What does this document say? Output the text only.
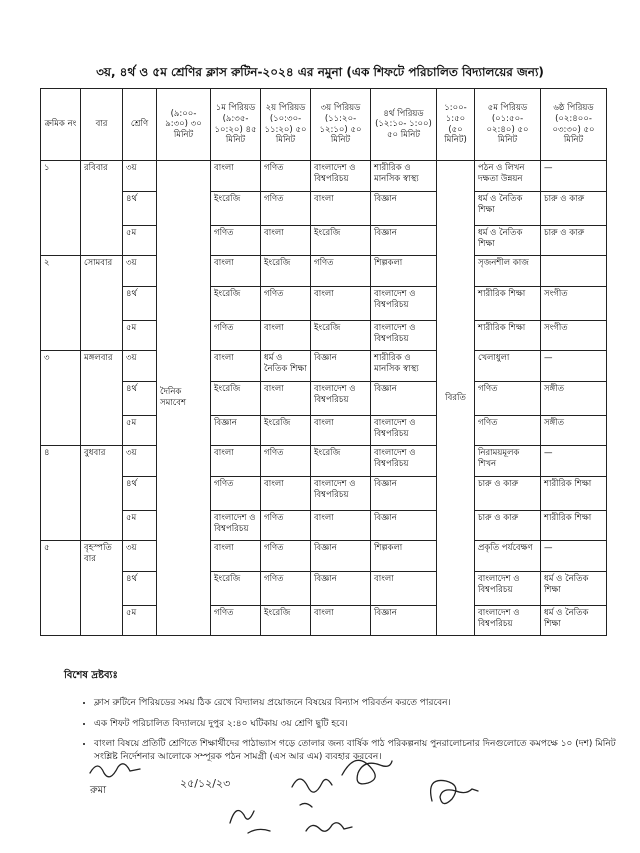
৩য়, ৪র্থ ও ৫ম শ্রেণির ক্লাস রুটিন-২০২৪ এর নমুনা (এক শিফটে পরিচালিত বিদ্যালয়ের জন্য)
ক্রমিক নং	বার	শ্রেণি	(৯:০০- ৯:৩০) ৩০ মিনিট	১ম পিরিয়ড (৯:৩৫- ১০:২০) ৪৫ মিনিট	২য় পিরিয়ড (১০:৩০- ১১:২০) ৫০ মিনিট	৩য় পিরিয়ড (১১:২০- ১২:১০) ৫০ মিনিট	৪র্থ পিরিয়ড (১২:১০- ১:০০) ৫০ মিনিট	১:০০- ১:৫০ (৫০ মিনিট)	৫ম পিরিয়ড (০১:৫০- ০২:৪০) ৫০ মিনিট	৬ষ্ঠ পিরিয়ড (০২:৪০০- ০৩:৩০) ৫০ মিনিট
১	রবিবার	৩য়	দৈনিক সমাবেশ	বাংলা	গণিত	বাংলাদেশ ও বিশ্বপরিচয়	শারীরিক ও মানসিক স্বাস্থ্য	বিরতি	পঠন ও লিখন দক্ষতা উন্নয়ন	—
		৪র্থ		ইংরেজি	গণিত	বাংলা	বিজ্ঞান		ধর্ম ও নৈতিক শিক্ষা	চারু ও কারু
		৫ম		গণিত	বাংলা	ইংরেজি	বিজ্ঞান		ধর্ম ও নৈতিক শিক্ষা	চারু ও কারু
২	সোমবার	৩য়		বাংলা	ইংরেজি	গণিত	শিল্পকলা		সৃজনশীল কাজ	
		৪র্থ		ইংরেজি	গণিত	বাংলা	বাংলাদেশ ও বিশ্বপরিচয়		শারীরিক শিক্ষা	সংগীত
		৫ম		গণিত	বাংলা	ইংরেজি	বাংলাদেশ ও বিশ্বপরিচয়		শারীরিক শিক্ষা	সংগীত
৩	মঙ্গলবার	৩য়		বাংলা	ধর্ম ও নৈতিক শিক্ষা	বিজ্ঞান	শারীরিক ও মানসিক স্বাস্থ্য		খেলাধুলা	—
		৪র্থ		ইংরেজি	বাংলা	বাংলাদেশ ও বিশ্বপরিচয়	বিজ্ঞান		গণিত	সঙ্গীত
		৫ম		বিজ্ঞান	ইংরেজি	বাংলা	বাংলাদেশ ও বিশ্বপরিচয়		গণিত	সঙ্গীত
৪	বুধবার	৩য়		বাংলা	গণিত	ইংরেজি	বাংলাদেশ ও বিশ্বপরিচয়		নিরাময়মূলক শিখন	—
		৪র্থ		গণিত	বাংলা	বাংলাদেশ ও বিশ্বপরিচয়	বিজ্ঞান		চারু ও কারু	শারীরিক শিক্ষা
		৫ম		বাংলাদেশ ও বিশ্বপরিচয়	গণিত	বাংলা	বিজ্ঞান		চারু ও কারু	শারীরিক শিক্ষা
৫	বৃহস্পতি বার	৩য়		বাংলা	গণিত	বিজ্ঞান	শিল্পকলা		প্রকৃতি পর্যবেক্ষণ	—
		৪র্থ		ইংরেজি	গণিত	বিজ্ঞান	বাংলা		বাংলাদেশ ও বিশ্বপরিচয়	ধর্ম ও নৈতিক শিক্ষা
		৫ম		গণিত	ইংরেজি	বাংলা	বিজ্ঞান		বাংলাদেশ ও বিশ্বপরিচয়	ধর্ম ও নৈতিক শিক্ষা
বিশেষ দ্রষ্টব্যঃ
• ক্লাস রুটিনে পিরিয়ডের সময় ঠিক রেখে বিদ্যালয় প্রয়োজনে বিষয়ের বিন্যাস পরিবর্তন করতে পারবেন।
• এক শিফট পরিচালিত বিদ্যালয়ে দুপুর ২:৪০ ঘটিকায় ৩য় শ্রেণি ছুটি হবে।
• বাংলা বিষয়ে প্রতিটি শ্রেণিতে শিক্ষার্থীদের পাঠাভ্যাস গড়ে তোলার জন্য বার্ষিক পাঠ পরিকল্পনায় পুনরালোচনার দিনগুলোতে কমপক্ষে ১০ (দশ) মিনিট সংশ্লিষ্ট নির্দেশনার আলোকে সম্পূরক পঠন সামগ্রী (এস আর এম) ব্যবহার করবেন।
২৫/১২/২৩
রুমা
